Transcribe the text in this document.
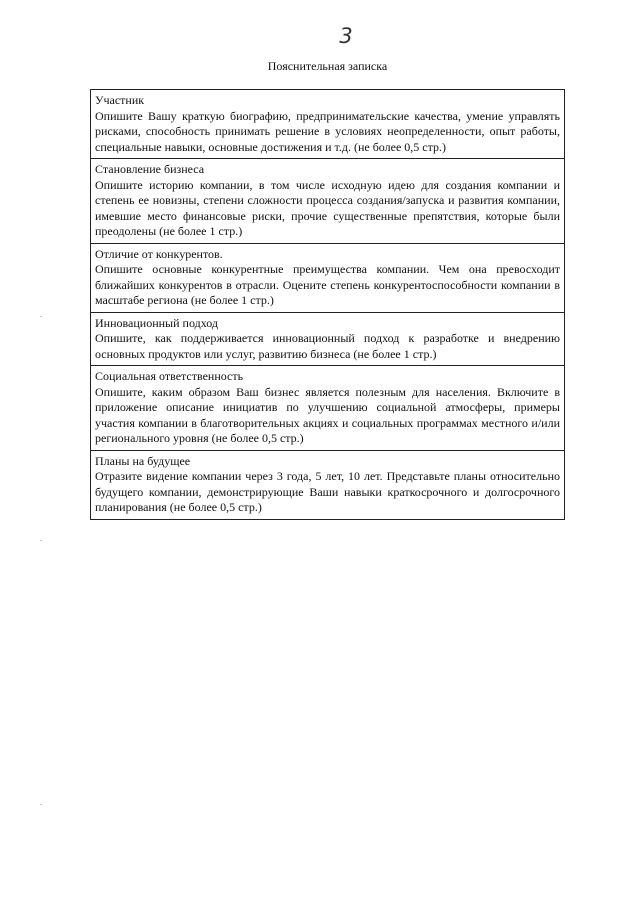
3
Пояснительная записка
Участник
Опишите Вашу краткую биографию, предпринимательские качества, умение управлять рисками, способность принимать решение в условиях неопределенности, опыт работы, специальные навыки, основные достижения и т.д. (не более 0,5 стр.)

Становление бизнеса
Опишите историю компании, в том числе исходную идею для создания компании и степень ее новизны, степени сложности процесса создания/запуска и развития компании, имевшие место финансовые риски, прочие существенные препятствия, которые были преодолены (не более 1 стр.)

Отличие от конкурентов.
Опишите основные конкурентные преимущества компании. Чем она превосходит ближайших конкурентов в отрасли. Оцените степень конкурентоспособности компании в масштабе региона (не более 1 стр.)

Инновационный подход
Опишите, как поддерживается инновационный подход к разработке и внедрению основных продуктов или услуг, развитию бизнеса (не более 1 стр.)

Социальная ответственность
Опишите, каким образом Ваш бизнес является полезным для населения. Включите в приложение описание инициатив по улучшению социальной атмосферы, примеры участия компании в благотворительных акциях и социальных программах местного и/или регионального уровня (не более 0,5 стр.)

Планы на будущее
Отразите видение компании через 3 года, 5 лет, 10 лет. Представьте планы относительно будущего компании, демонстрирующие Ваши навыки краткосрочного и долгосрочного планирования (не более 0,5 стр.)
